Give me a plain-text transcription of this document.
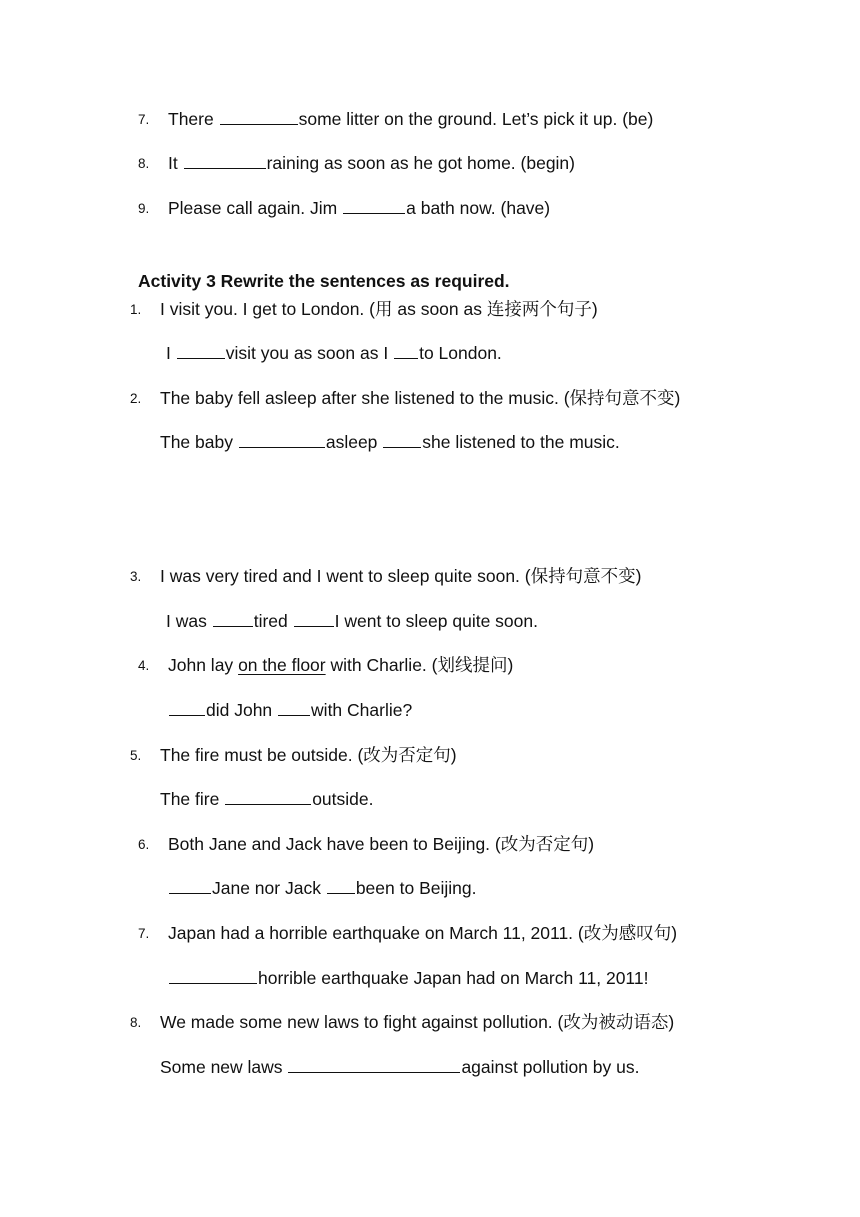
7. There	some litter on the ground. Let’s pick it up. (be)
8. It	raining as soon as he got home. (begin)
9. Please call again. Jim	a bath now. (have)
Activity 3 Rewrite the sentences as required.
1. I visit you. I get to London. (用 as soon as 连接两个句子)
I	visit you as soon as I to London.
2. The baby fell asleep after she listened to the music. (保持句意不变)
The baby	asleep	she listened to the music.
3. I was very tired and I went to sleep quite soon. (保持句意不变)
I was	tired	I went to sleep quite soon.
4. John lay on the floor with Charlie. (划线提问)
did John with Charlie?
5. The fire must be outside. (改为否定句)
The fire	outside.
6. Both Jane and Jack have been to Beijing. (改为否定句)
Jane nor Jack been to Beijing.
7. Japan had a horrible earthquake on March 11, 2011. (改为感叹句)
horrible earthquake Japan had on March 11, 2011!
8. We made some new laws to fight against pollution. (改为被动语态)
Some new laws	against pollution by us.
